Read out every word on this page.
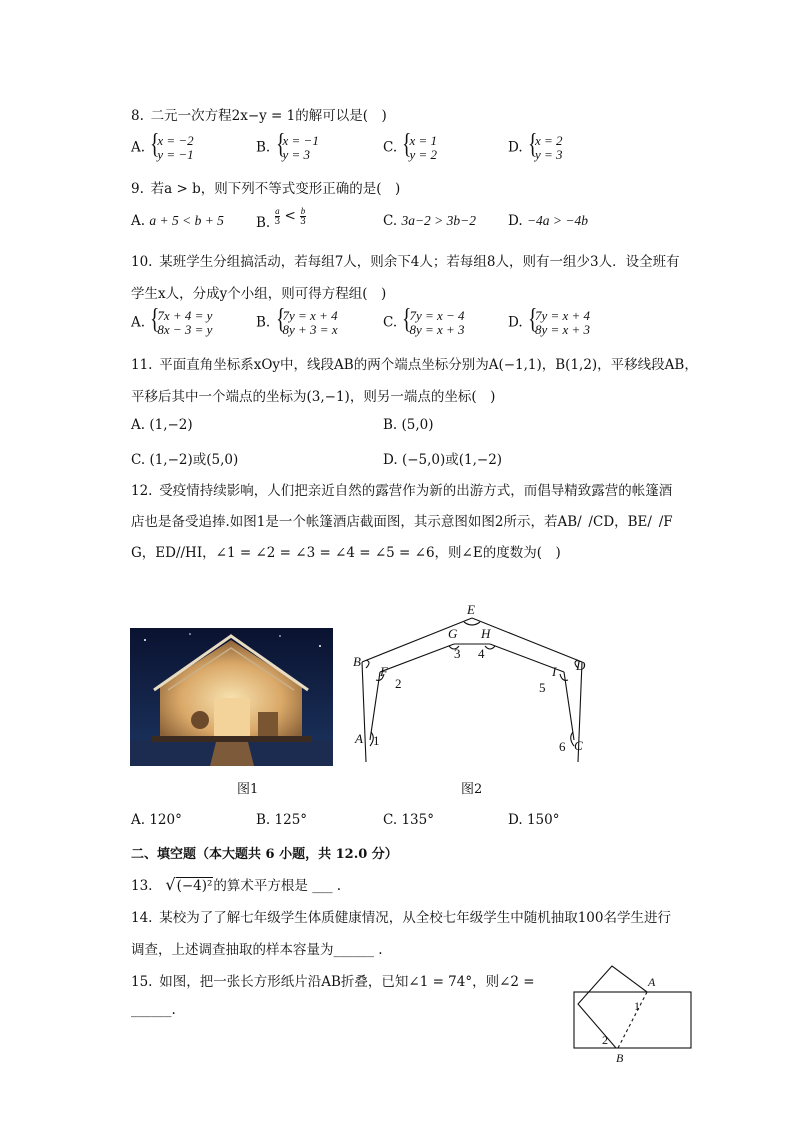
8. 二元一次方程2x−y = 1的解可以是( )
A. { x = −2
y = −1	B. { x = −1
y = 3	C. { x = 1
y = 2	D. { x = 2
y = 3
9. 若a > b，则下列不等式变形正确的是( )
A. a + 5 < b + 5 B. $\frac{a}{3} < \frac{b}{3}$	C. 3a−2 > 3b−2 D. −4a > −4b
10. 某班学生分组搞活动，若每组7人，则余下4人；若每组8人，则有一组少3人．设全班有
学生x人，分成y个小组，则可得方程组( )
A. { 7x + 4 = y
8x − 3 = y	B. { 7y = x + 4
8y + 3 = x	C. { 7y = x − 4
8y = x + 3	D. { 7y = x + 4
8y = x + 3
11. 平面直角坐标系xOy中，线段AB的两个端点坐标分别为A(−1,1)，B(1,2)，平移线段AB，
平移后其中一个端点的坐标为(3,−1)，则另一端点的坐标( )
A. (1,−2)	B. (5,0)
C. (1,−2)或(5,0)	D. (−5,0)或(1,−2)
12. 受疫情持续影响，人们把亲近自然的露营作为新的出游方式，而倡导精致露营的帐篷酒
店也是备受追捧.如图1是一个帐篷酒店截面图，其示意图如图2所示，若AB/ /CD，BE/ /F
G，ED//HI，∠1 = ∠2 = ∠3 = ∠4 = ∠5 = ∠6，则∠E的度数为( )
图1
E
G H
3 4
B	D
F
2
I
5
A 1	C
6
图2
A. 120°	B. 125°	C. 135°	D. 150°
二、填空题（本大题共 6 小题，共 12.0 分）
13. √(−4)²的算术平方根是 ___ .
14. 某校为了了解七年级学生体质健康情况，从全校七年级学生中随机抽取100名学生进行
调查，上述调查抽取的样本容量为______ .
15. 如图，把一张长方形纸片沿AB折叠，已知∠1 = 74°，则∠2 =
______.
A
1
2
B
